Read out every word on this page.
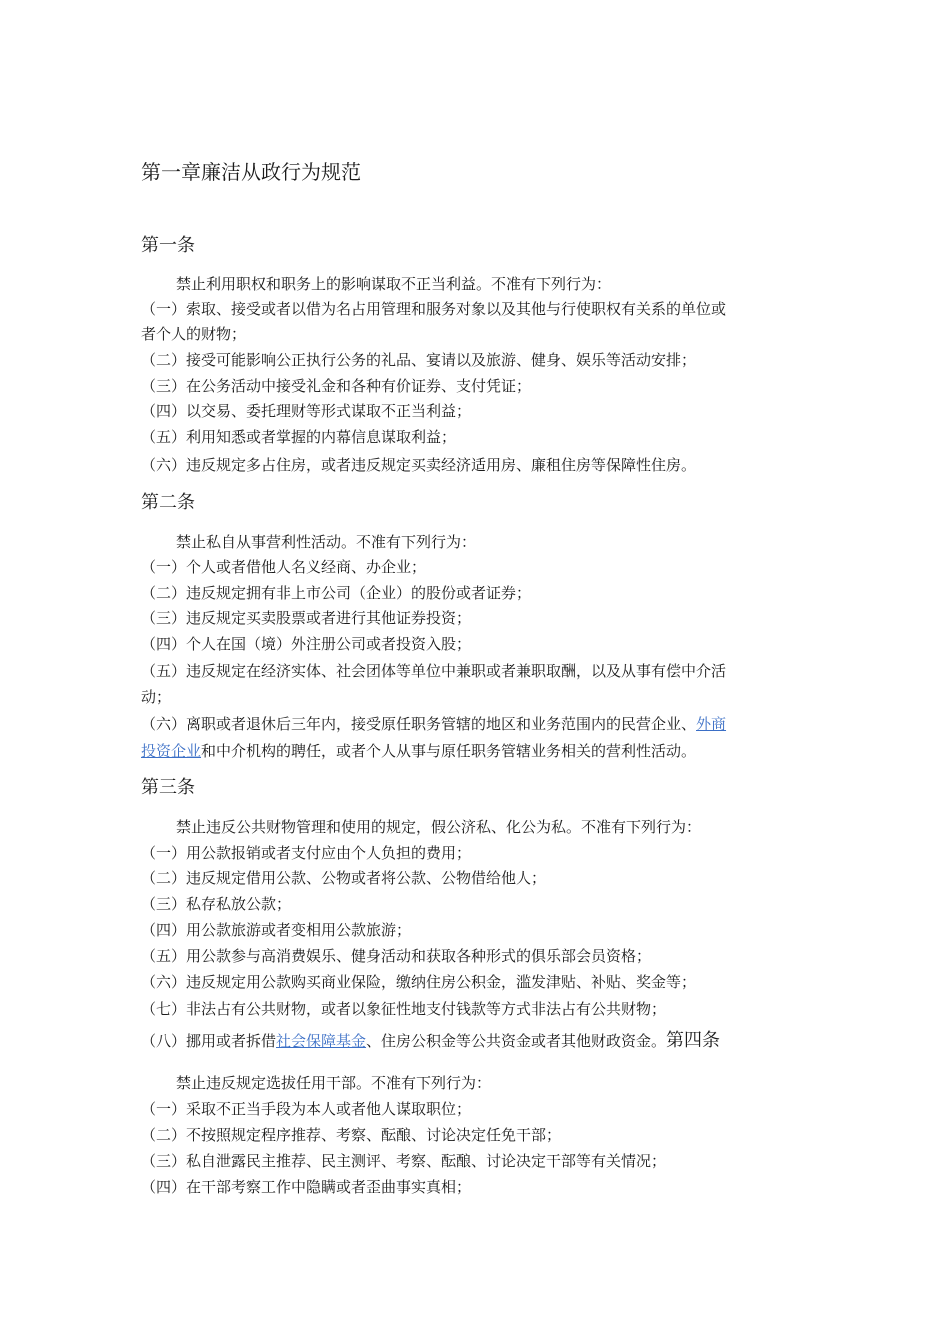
第一章廉洁从政行为规范
第一条
禁止利用职权和职务上的影响谋取不正当利益。不准有下列行为：
（一）索取、接受或者以借为名占用管理和服务对象以及其他与行使职权有关系的单位或
者个人的财物；
（二）接受可能影响公正执行公务的礼品、宴请以及旅游、健身、娱乐等活动安排；
（三）在公务活动中接受礼金和各种有价证券、支付凭证；
（四）以交易、委托理财等形式谋取不正当利益；
（五）利用知悉或者掌握的内幕信息谋取利益；
（六）违反规定多占住房，或者违反规定买卖经济适用房、廉租住房等保障性住房。
第二条
禁止私自从事营利性活动。不准有下列行为：
（一）个人或者借他人名义经商、办企业；
（二）违反规定拥有非上市公司（企业）的股份或者证券；
（三）违反规定买卖股票或者进行其他证券投资；
（四）个人在国（境）外注册公司或者投资入股；
（五）违反规定在经济实体、社会团体等单位中兼职或者兼职取酬，以及从事有偿中介活
动；
（六）离职或者退休后三年内，接受原任职务管辖的地区和业务范围内的民营企业、外商
投资企业和中介机构的聘任，或者个人从事与原任职务管辖业务相关的营利性活动。
第三条
禁止违反公共财物管理和使用的规定，假公济私、化公为私。不准有下列行为：
（一）用公款报销或者支付应由个人负担的费用；
（二）违反规定借用公款、公物或者将公款、公物借给他人；
（三）私存私放公款；
（四）用公款旅游或者变相用公款旅游；
（五）用公款参与高消费娱乐、健身活动和获取各种形式的俱乐部会员资格；
（六）违反规定用公款购买商业保险，缴纳住房公积金，滥发津贴、补贴、奖金等；
（七）非法占有公共财物，或者以象征性地支付钱款等方式非法占有公共财物；
（八）挪用或者拆借社会保障基金、住房公积金等公共资金或者其他财政资金。第四条
禁止违反规定选拔任用干部。不准有下列行为：
（一）采取不正当手段为本人或者他人谋取职位；
（二）不按照规定程序推荐、考察、酝酿、讨论决定任免干部；
（三）私自泄露民主推荐、民主测评、考察、酝酿、讨论决定干部等有关情况；
（四）在干部考察工作中隐瞒或者歪曲事实真相；
